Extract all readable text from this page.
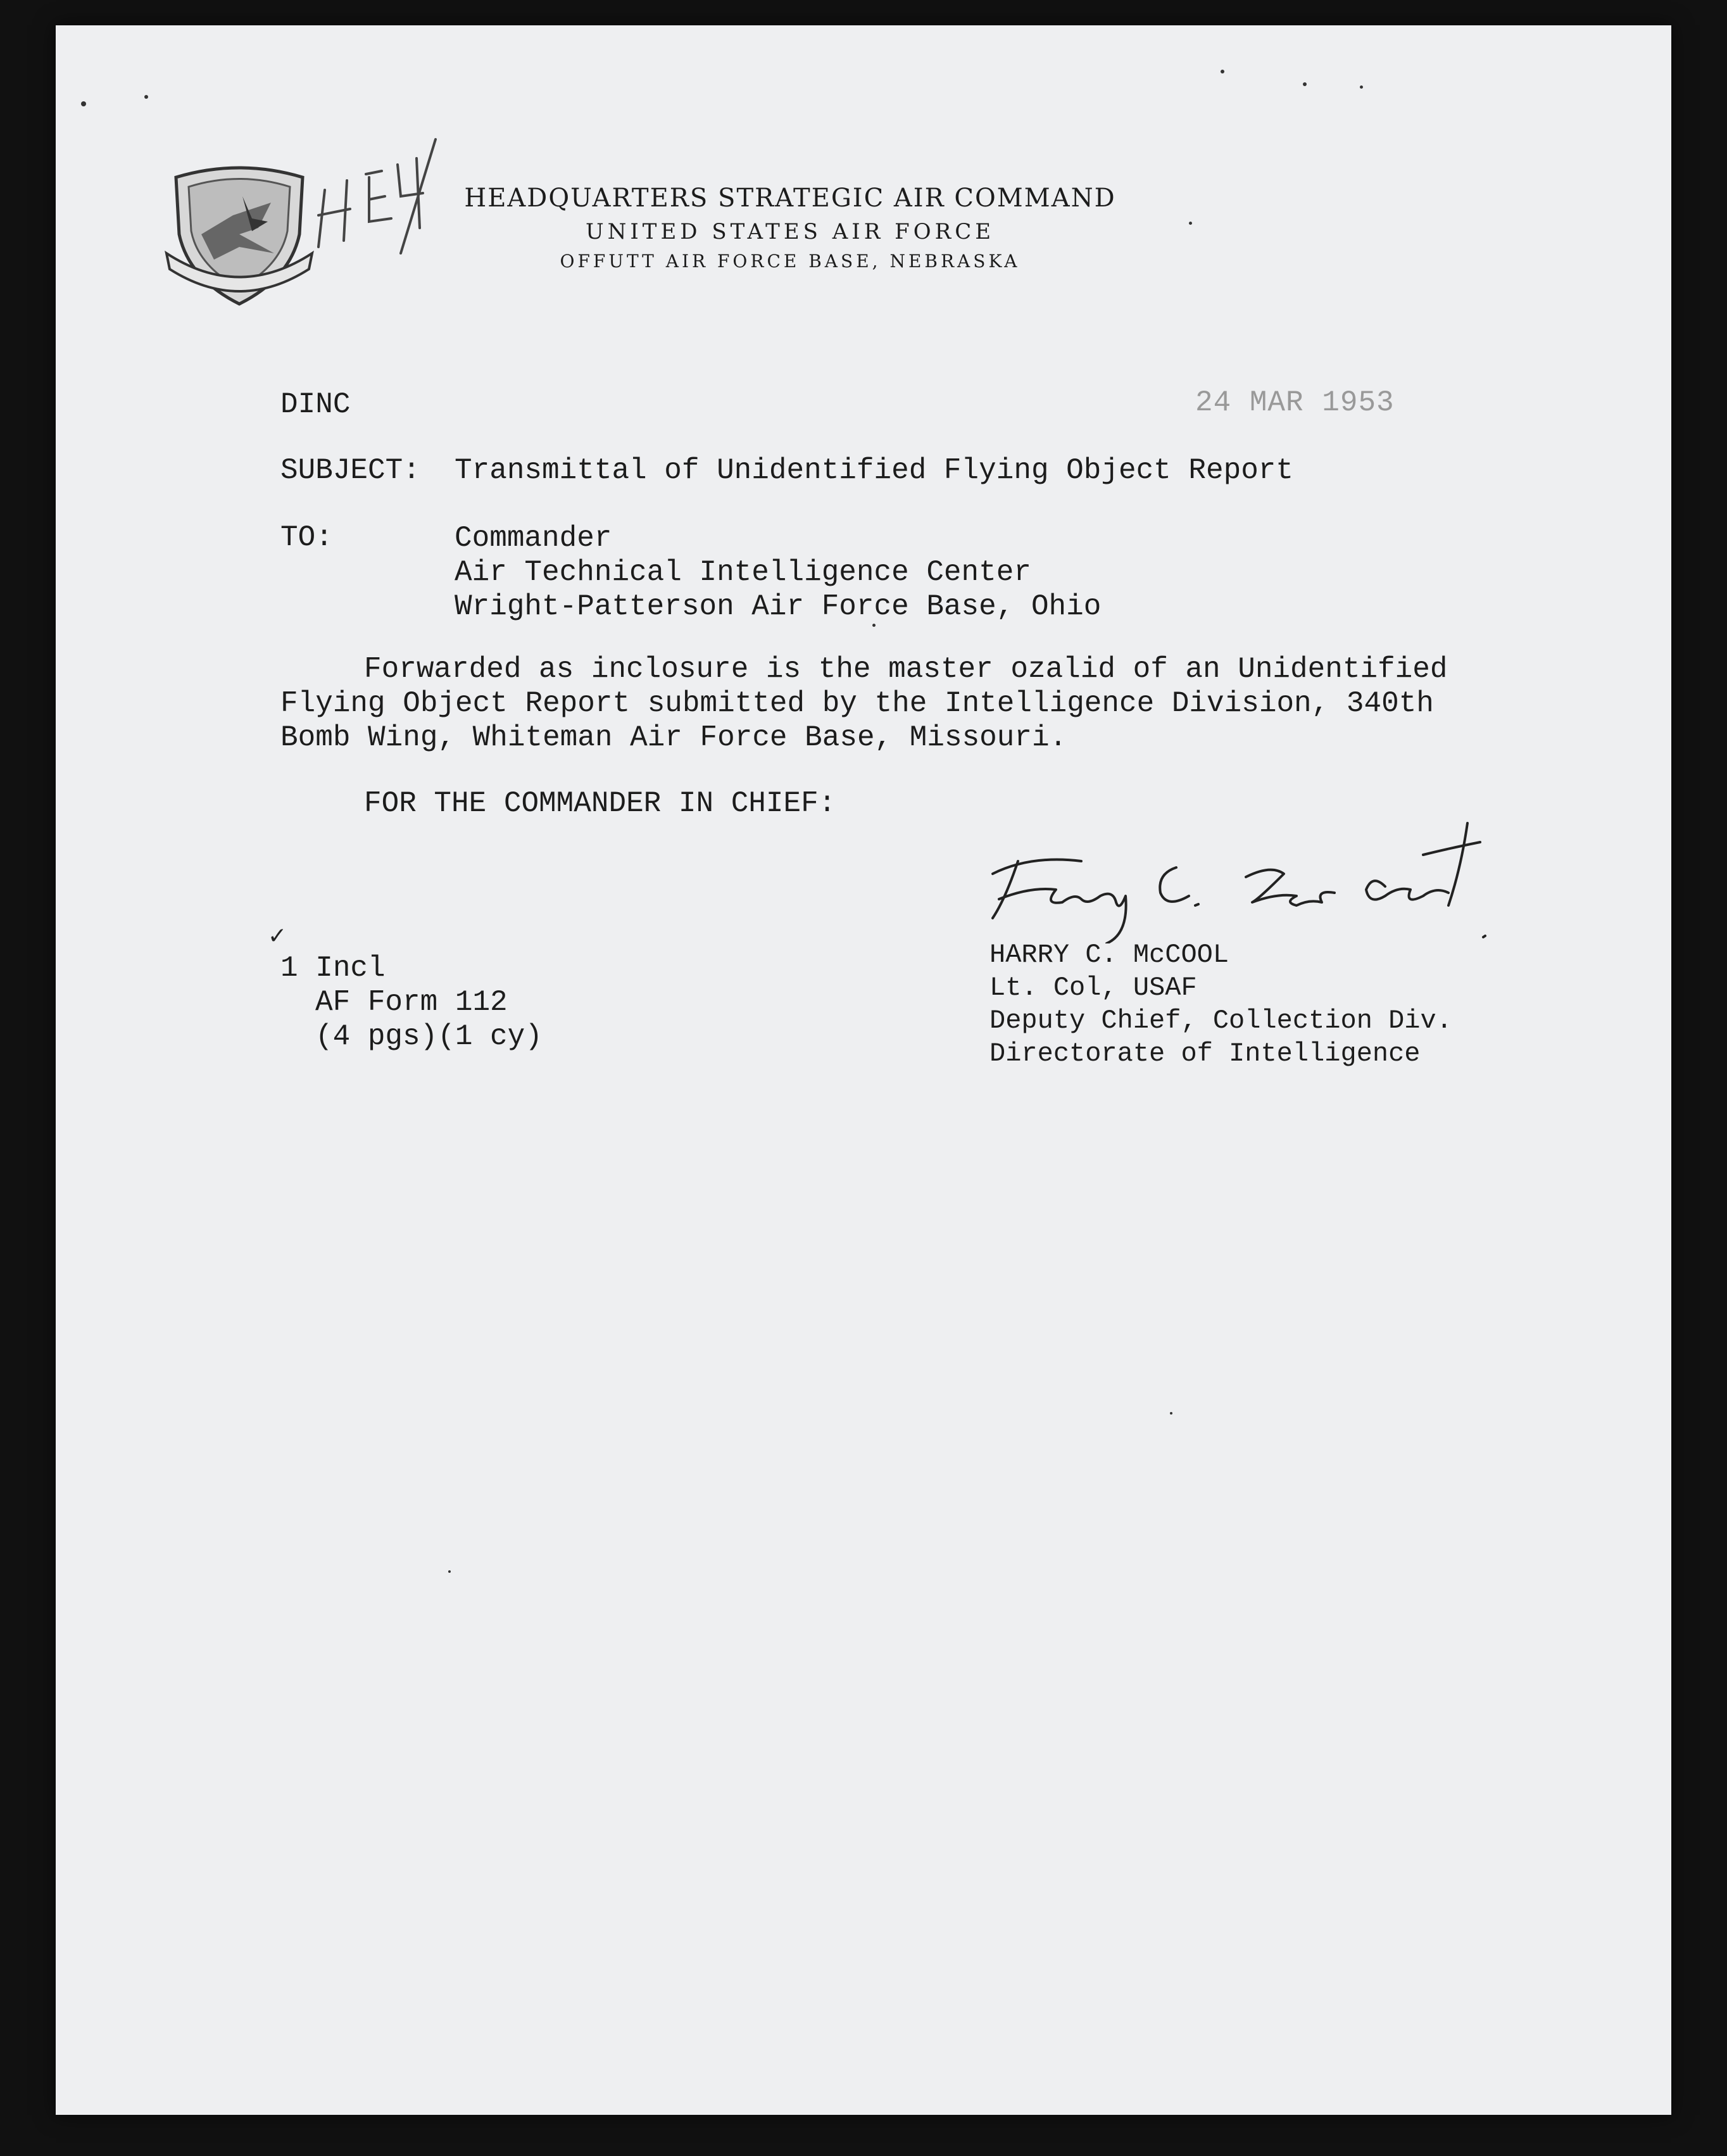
HEADQUARTERS STRATEGIC AIR COMMAND
UNITED STATES AIR FORCE
OFFUTT AIR FORCE BASE, NEBRASKA
DINC	24 MAR 1953
SUBJECT: Transmittal of Unidentified Flying Object Report
TO:	Commander
Air Technical Intelligence Center
Wright-Patterson Air Force Base, Ohio
Forwarded as inclosure is the master ozalid of an Unidentified
Flying Object Report submitted by the Intelligence Division, 340th
Bomb Wing, Whiteman Air Force Base, Missouri.
FOR THE COMMANDER IN CHIEF:
HARRY C. McCOOL
Lt. Col, USAF
Deputy Chief, Collection Div.
Directorate of Intelligence
✓
1 Incl
AF Form 112
(4 pgs)(1 cy)
